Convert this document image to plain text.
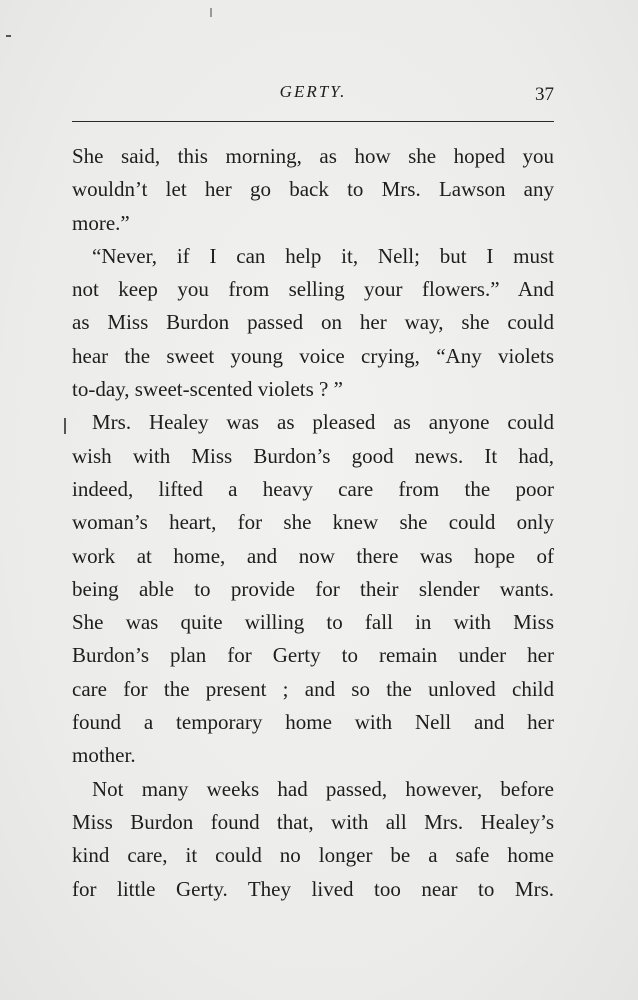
GERTY.	37
She said, this morning, as how she hoped you
wouldn’t let her go back to Mrs. Lawson any
more.”
“Never, if I can help it, Nell; but I must
not keep you from selling your flowers.” And
as Miss Burdon passed on her way, she could
hear the sweet young voice crying, “Any violets
to-day, sweet-scented violets ? ”
Mrs. Healey was as pleased as anyone could
wish with Miss Burdon’s good news. It had,
indeed, lifted a heavy care from the poor
woman’s heart, for she knew she could only
work at home, and now there was hope of
being able to provide for their slender wants.
She was quite willing to fall in with Miss
Burdon’s plan for Gerty to remain under her
care for the present ; and so the unloved child
found a temporary home with Nell and her
mother.
Not many weeks had passed, however, before
Miss Burdon found that, with all Mrs. Healey’s
kind care, it could no longer be a safe home
for little Gerty. They lived too near to Mrs.
